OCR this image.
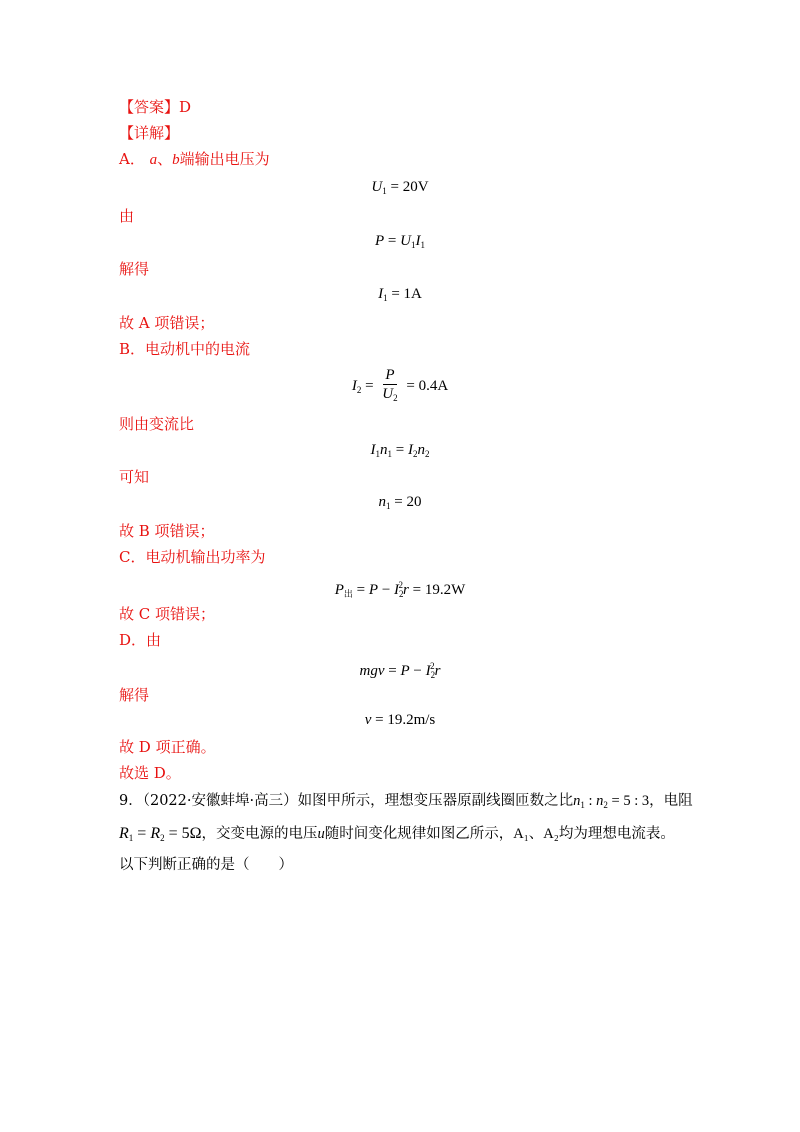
【答案】D
【详解】
A． a、b端输出电压为
$U_1 = 20V$
由
$P = U_1I_1$
解得
$I_1 = 1A$
故 A 项错误；
B．电动机中的电流
$I_2 = \frac{P}{U_2} = 0.4A$
则由变流比
$I_1n_1 = I_2n_2$
可知
$n_1 = 20$
故 B 项错误；
C．电动机输出功率为
$P_出 = P - I_2^2r = 19.2W$
故 C 项错误；
D．由
mgv = $P - I_2^2r$
解得
v = 19.2m/s
故 D 项正确。
故选 D。
9．（2022·安徽蚌埠·高三）如图甲所示，理想变压器原副线圈匝数之比$n_1$ : $n_2 = 5$ : 3，电阻
$R_1 = R_2 = 5\Omega$，交变电源的电压u随时间变化规律如图乙所示，A₁、A₂均为理想电流表。
以下判断正确的是（　　）
